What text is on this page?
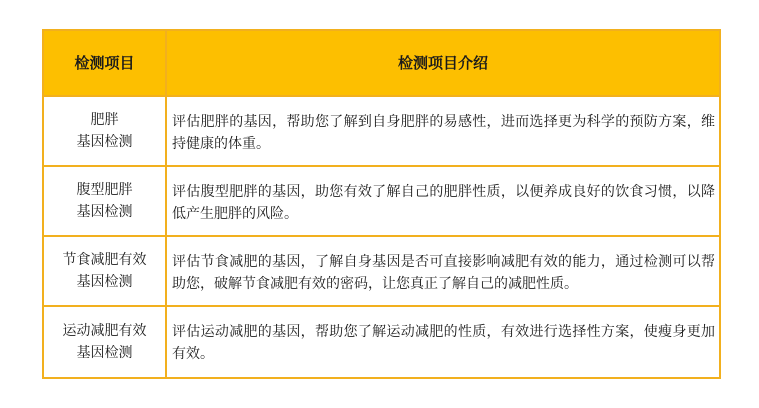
检测项目	检测项目介绍
肥胖
基因检测
评估肥胖的基因，帮助您了解到自身肥胖的易感性，进而选择更为科学的预防方案，维持健康的体重。
腹型肥胖
基因检测
评估腹型肥胖的基因，助您有效了解自己的肥胖性质，以便养成良好的饮食习惯，以降低产生肥胖的风险。
节食减肥有效
基因检测
评估节食减肥的基因，了解自身基因是否可直接影响减肥有效的能力，通过检测可以帮助您，破解节食减肥有效的密码，让您真正了解自己的减肥性质。
运动减肥有效
基因检测
评估运动减肥的基因，帮助您了解运动减肥的性质，有效进行选择性方案，使瘦身更加有效。
